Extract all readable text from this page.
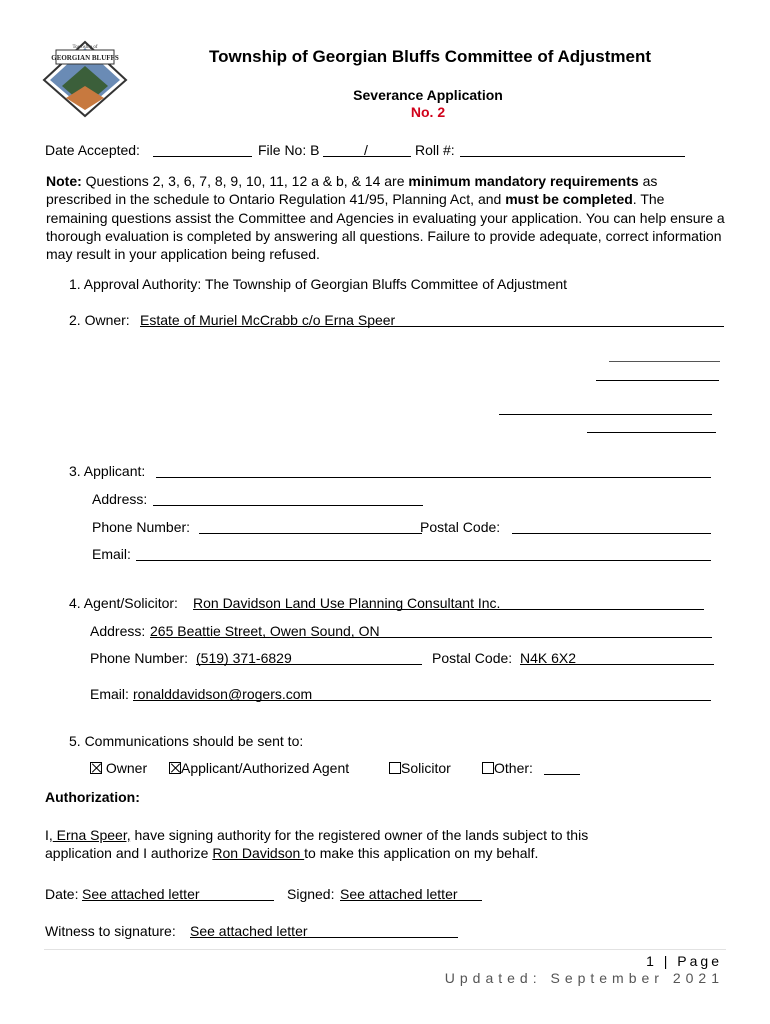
Township of
GEORGIAN BLUFFS	Township of Georgian Bluffs Committee of Adjustment
Severance Application
No. 2
Date Accepted:	File No: B	/	Roll #:
Note: Questions 2, 3, 6, 7, 8, 9, 10, 11, 12 a & b, & 14 are minimum mandatory requirements as prescribed in the schedule to Ontario Regulation 41/95, Planning Act, and must be completed. The remaining questions assist the Committee and Agencies in evaluating your application. You can help ensure a thorough evaluation is completed by answering all questions. Failure to provide adequate, correct information may result in your application being refused.
1. Approval Authority: The Township of Georgian Bluffs Committee of Adjustment
2. Owner: Estate of Muriel McCrabb c/o Erna Speer
3. Applicant:
Address:
Phone Number:	Postal Code:
Email:
4. Agent/Solicitor: Ron Davidson Land Use Planning Consultant Inc.
Address: 265 Beattie Street, Owen Sound, ON
Phone Number: (519) 371-6829	Postal Code: N4K 6X2
Email: ronalddavidson@rogers.com
5. Communications should be sent to:
Owner	Applicant/Authorized Agent	Solicitor	Other:
Authorization:
I, Erna Speer, have signing authority for the registered owner of the lands subject to this
application and I authorize Ron Davidson to make this application on my behalf.
Date: See attached letter	Signed: See attached letter
Witness to signature: See attached letter
1 | Page
Updated: September 2021
